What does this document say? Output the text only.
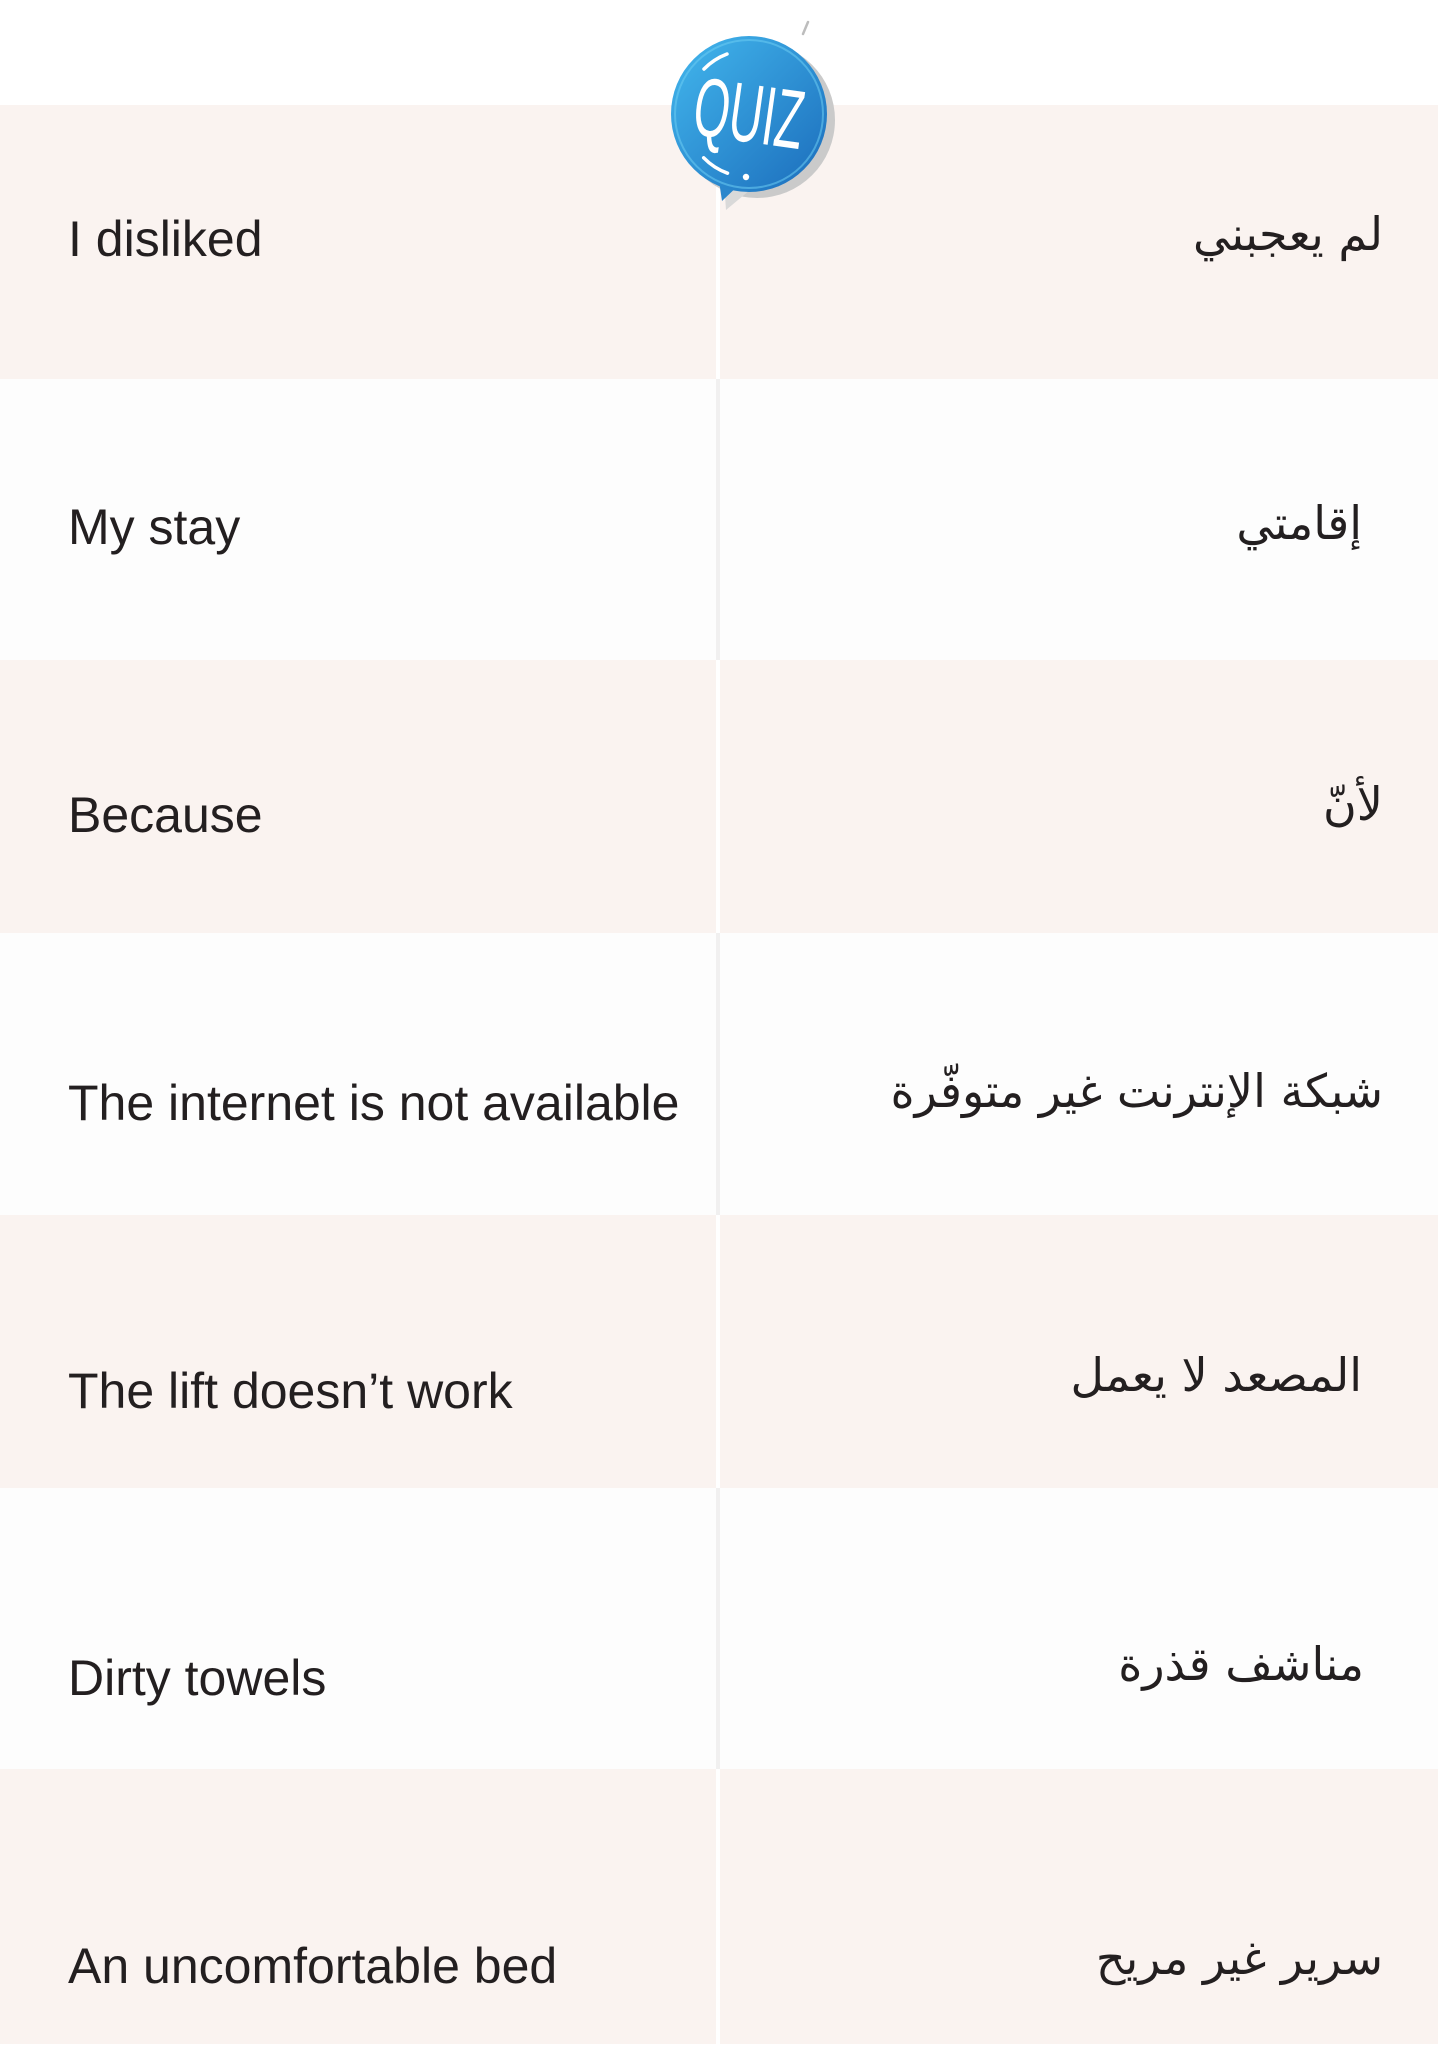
I disliked	لم يعجبني
My stay	إقامتي
Because	لأنّ
The internet is not available	شبكة الإنترنت غير متوفّرة
The lift doesn’t work	المصعد لا يعمل
Dirty towels	مناشف قذرة
An uncomfortable bed	سرير غير مريح
QUIZ
